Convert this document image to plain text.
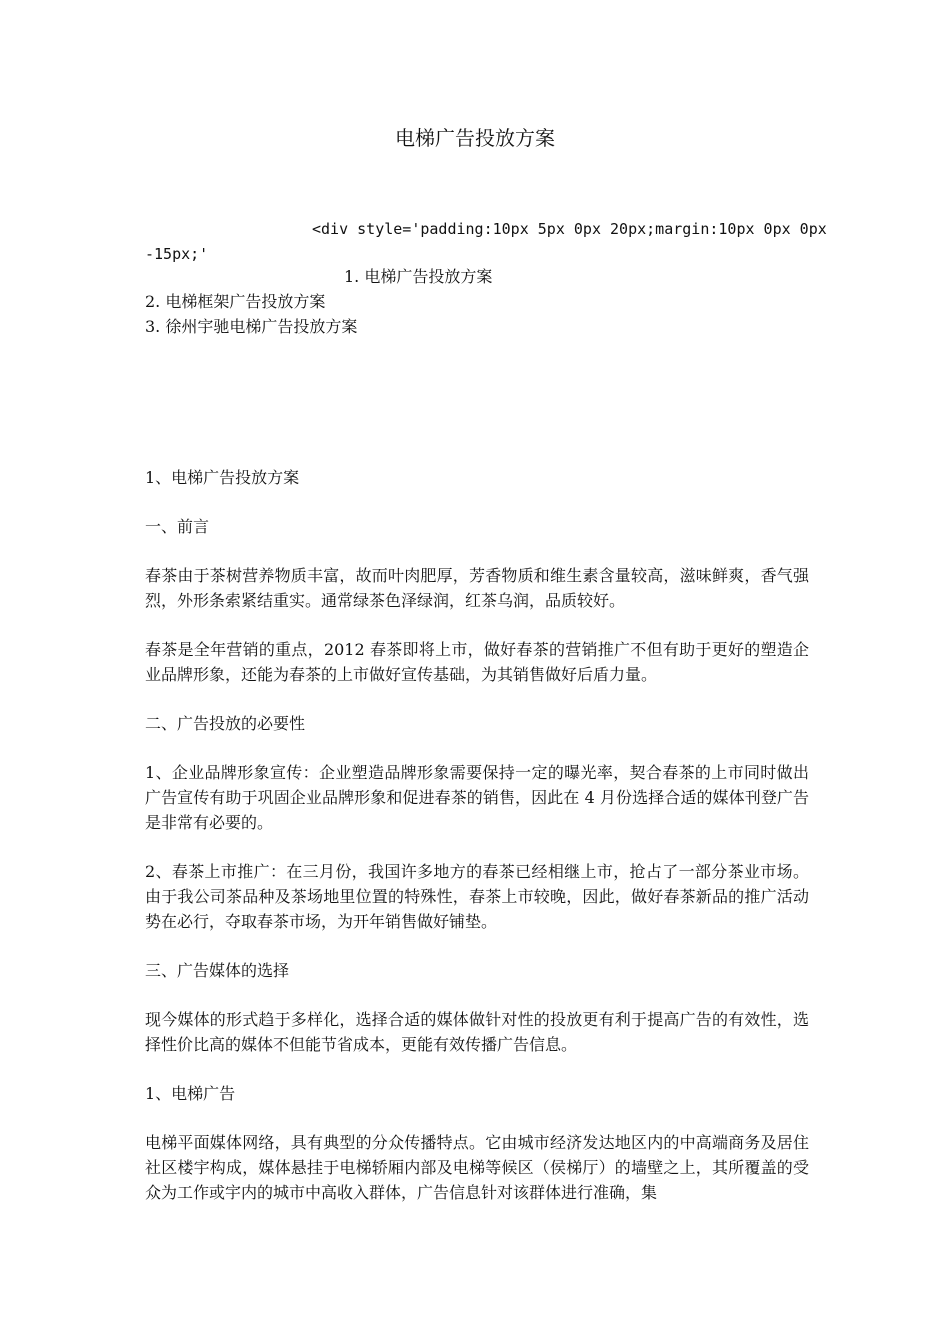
电梯广告投放方案
<div style='padding:10px 5px 0px 20px;margin:10px 0px 0px
-15px;'
1. 电梯广告投放方案
2. 电梯框架广告投放方案
3. 徐州宇驰电梯广告投放方案

1、电梯广告投放方案

一、前言

春茶由于茶树营养物质丰富，故而叶肉肥厚，芳香物质和维生素含量较高，滋味鲜爽，香气强烈，外形条索紧结重实。通常绿茶色泽绿润，红茶乌润，品质较好。

春茶是全年营销的重点，2012 春茶即将上市，做好春茶的营销推广不但有助于更好的塑造企业品牌形象，还能为春茶的上市做好宣传基础，为其销售做好后盾力量。

二、广告投放的必要性

1、企业品牌形象宣传：企业塑造品牌形象需要保持一定的曝光率，契合春茶的上市同时做出广告宣传有助于巩固企业品牌形象和促进春茶的销售，因此在 4 月份选择合适的媒体刊登广告是非常有必要的。

2、春茶上市推广：在三月份，我国许多地方的春茶已经相继上市，抢占了一部分茶业市场。由于我公司茶品种及茶场地里位置的特殊性，春茶上市较晚，因此，做好春茶新品的推广活动势在必行，夺取春茶市场，为开年销售做好铺垫。

三、广告媒体的选择

现今媒体的形式趋于多样化，选择合适的媒体做针对性的投放更有利于提高广告的有效性，选择性价比高的媒体不但能节省成本，更能有效传播广告信息。

1、电梯广告

电梯平面媒体网络，具有典型的分众传播特点。它由城市经济发达地区内的中高端商务及居住社区楼宇构成，媒体悬挂于电梯轿厢内部及电梯等候区（侯梯厅）的墙壁之上，其所覆盖的受众为工作或宇内的城市中高收入群体，广告信息针对该群体进行准确，集
